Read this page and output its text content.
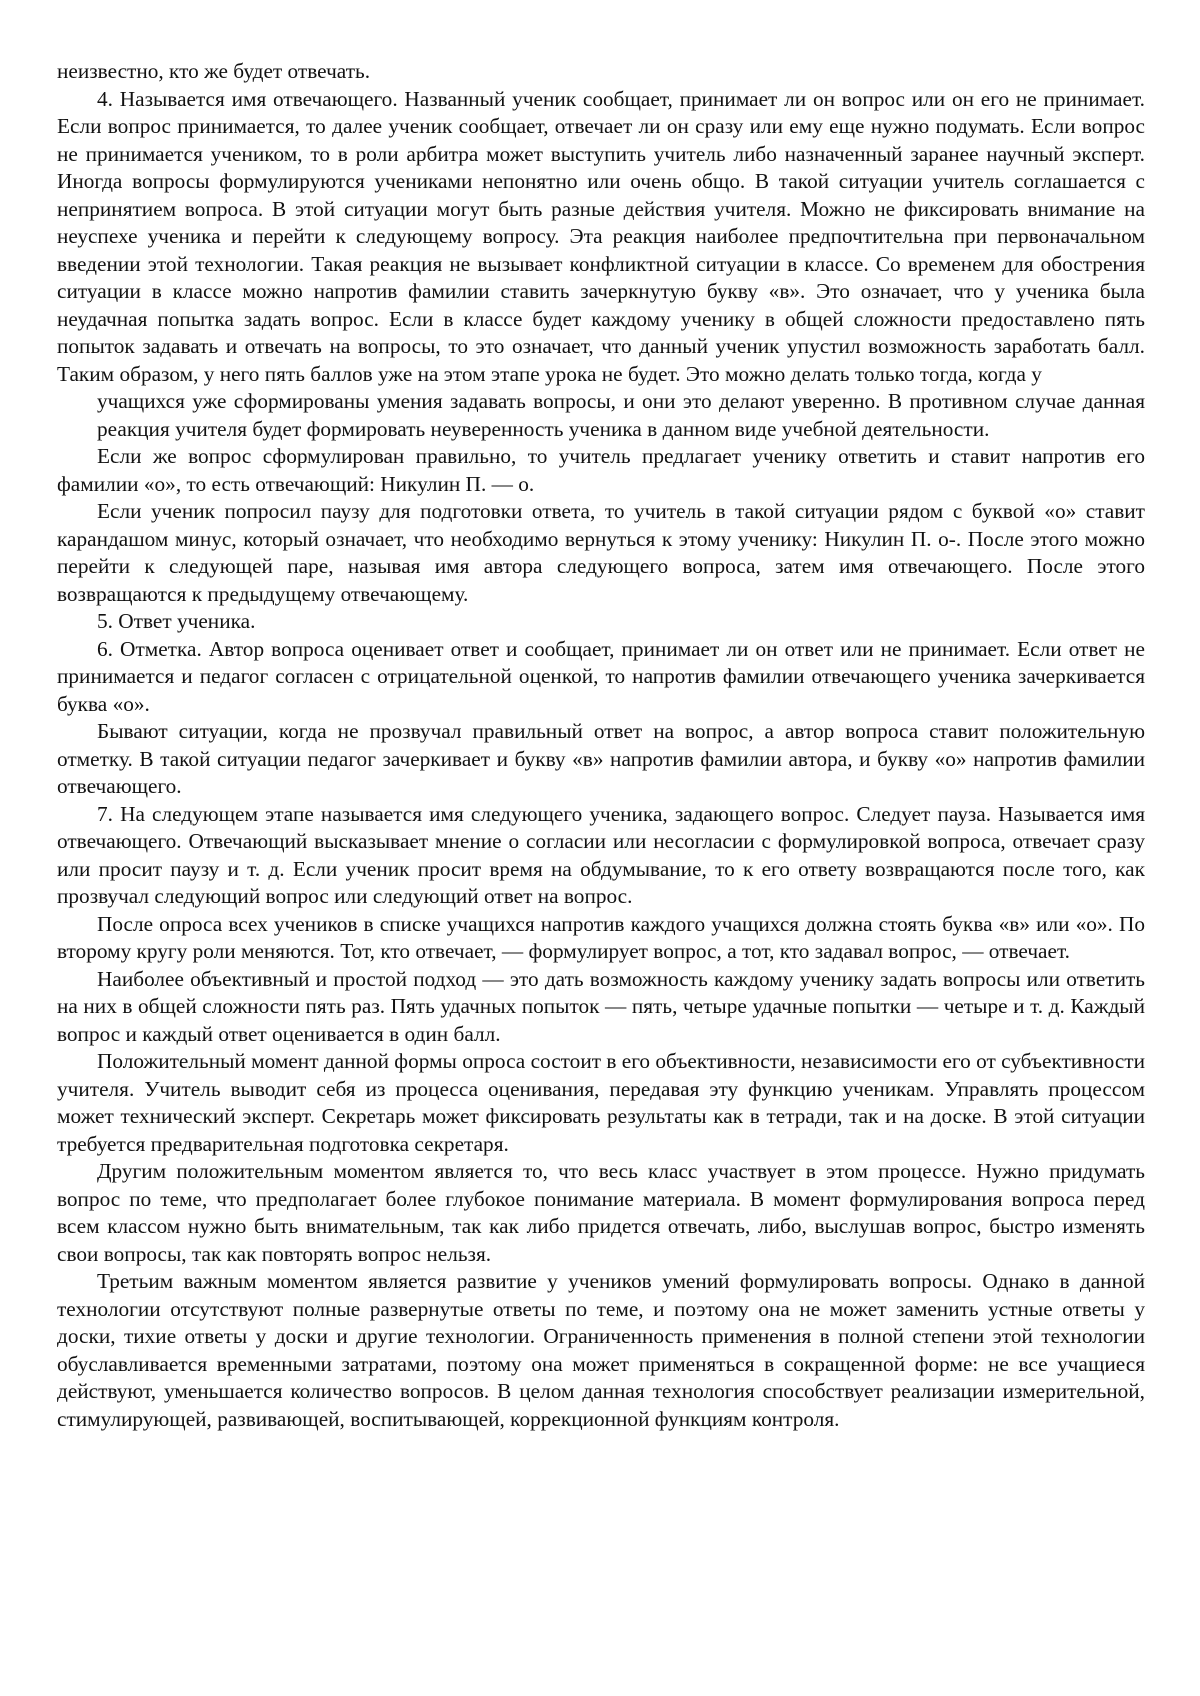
неизвестно, кто же будет отвечать.

4. Называется имя отвечающего. Названный ученик сообщает, принимает ли он вопрос или он его не принимает. Если вопрос принимается, то далее ученик сообщает, отвечает ли он сразу или ему еще нужно подумать. Если вопрос не принимается учеником, то в роли арбитра может выступить учитель либо назначенный заранее научный эксперт. Иногда вопросы формулируются учениками непонятно или очень общо. В такой ситуации учитель соглашается с непринятием вопроса. В этой ситуации могут быть разные действия учителя. Можно не фиксировать внимание на неуспехе ученика и перейти к следующему вопросу. Эта реакция наиболее предпочтительна при первоначальном введении этой технологии. Такая реакция не вызывает конфликтной ситуации в классе. Со временем для обострения ситуации в классе можно напротив фамилии ставить зачеркнутую букву «в». Это означает, что у ученика была неудачная попытка задать вопрос. Если в классе будет каждому ученику в общей сложности предоставлено пять попыток задавать и отвечать на вопросы, то это означает, что данный ученик упустил возможность заработать балл. Таким образом, у него пять баллов уже на этом этапе урока не будет. Это можно делать только тогда, когда у

учащихся уже сформированы умения задавать вопросы, и они это делают уверенно. В противном случае данная реакция учителя будет формировать неуверенность ученика в данном виде учебной деятельности.

Если же вопрос сформулирован правильно, то учитель предлагает ученику ответить и ставит напротив его фамилии «о», то есть отвечающий: Никулин П. — о.

Если ученик попросил паузу для подготовки ответа, то учитель в такой ситуации рядом с буквой «о» ставит карандашом минус, который означает, что необходимо вернуться к этому ученику: Никулин П. о-. После этого можно перейти к следующей паре, называя имя автора следующего вопроса, затем имя отвечающего. После этого возвращаются к предыдущему отвечающему.

5. Ответ ученика.

6. Отметка. Автор вопроса оценивает ответ и сообщает, принимает ли он ответ или не принимает. Если ответ не принимается и педагог согласен с отрицательной оценкой, то напротив фамилии отвечающего ученика зачеркивается буква «о».

Бывают ситуации, когда не прозвучал правильный ответ на вопрос, а автор вопроса ставит положительную отметку. В такой ситуации педагог зачеркивает и букву «в» напротив фамилии автора, и букву «о» напротив фамилии отвечающего.

7. На следующем этапе называется имя следующего ученика, задающего вопрос. Следует пауза. Называется имя отвечающего. Отвечающий высказывает мнение о согласии или несогласии с формулировкой вопроса, отвечает сразу или просит паузу и т. д. Если ученик просит время на обдумывание, то к его ответу возвращаются после того, как прозвучал следующий вопрос или следующий ответ на вопрос.

После опроса всех учеников в списке учащихся напротив каждого учащихся должна стоять буква «в» или «о». По второму кругу роли меняются. Тот, кто отвечает, — формулирует вопрос, а тот, кто задавал вопрос, — отвечает.

Наиболее объективный и простой подход — это дать возможность каждому ученику задать вопросы или ответить на них в общей сложности пять раз. Пять удачных попыток — пять, четыре удачные попытки — четыре и т. д. Каждый вопрос и каждый ответ оценивается в один балл.

Положительный момент данной формы опроса состоит в его объективности, независимости его от субъективности учителя. Учитель выводит себя из процесса оценивания, передавая эту функцию ученикам. Управлять процессом может технический эксперт. Секретарь может фиксировать результаты как в тетради, так и на доске. В этой ситуации требуется предварительная подготовка секретаря.

Другим положительным моментом является то, что весь класс участвует в этом процессе. Нужно придумать вопрос по теме, что предполагает более глубокое понимание материала. В момент формулирования вопроса перед всем классом нужно быть внимательным, так как либо придется отвечать, либо, выслушав вопрос, быстро изменять свои вопросы, так как повторять вопрос нельзя.

Третьим важным моментом является развитие у учеников умений формулировать вопросы. Однако в данной технологии отсутствуют полные развернутые ответы по теме, и поэтому она не может заменить устные ответы у доски, тихие ответы у доски и другие технологии. Ограниченность применения в полной степени этой технологии обуславливается временными затратами, поэтому она может применяться в сокращенной форме: не все учащиеся действуют, уменьшается количество вопросов. В целом данная технология способствует реализации измерительной, стимулирующей, развивающей, воспитывающей, коррекционной функциям контроля.
